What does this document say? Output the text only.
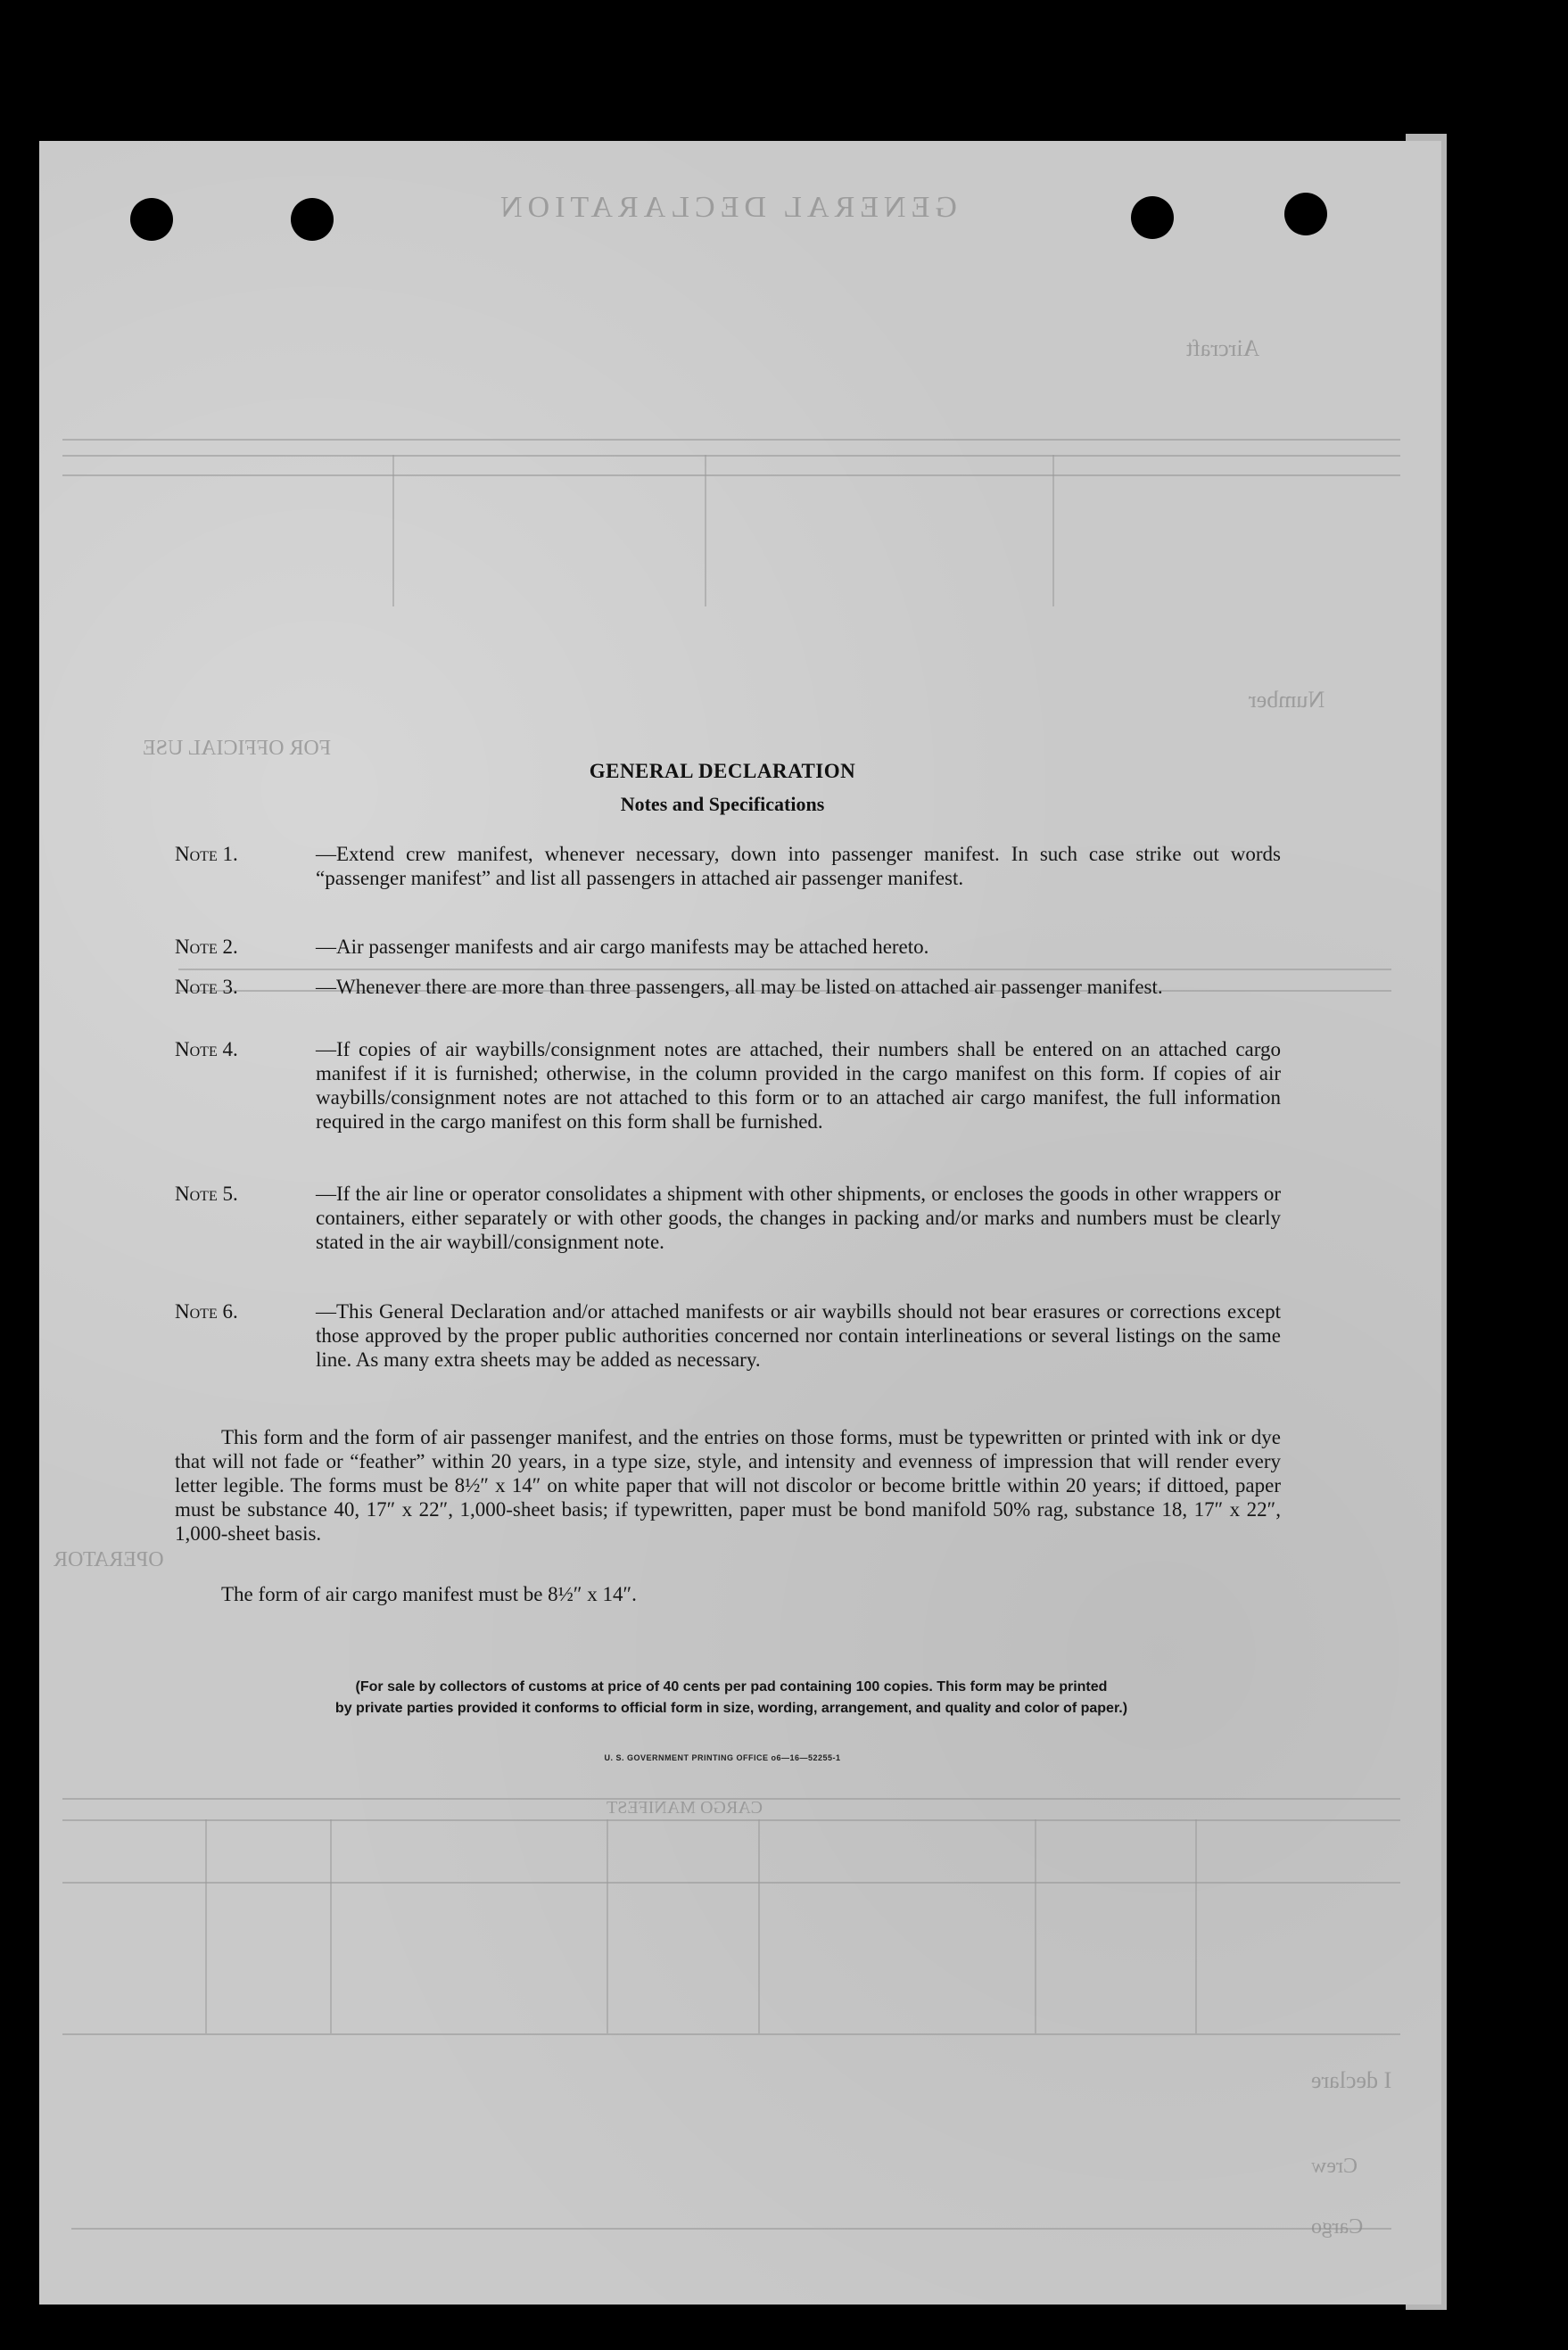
GENERAL DECLARATION
Aircraft
Number
FOR OFFICIAL USE
OPERATOR
CARGO MANIFEST
I declare
Crew
Cargo
GENERAL DECLARATION
Notes and Specifications
Note 1.	—Extend crew manifest, whenever necessary, down into passenger manifest. In such case strike out words “passenger manifest” and list all passengers in attached air passenger manifest.
Note 2.	—Air passenger manifests and air cargo manifests may be attached hereto.
Note 3.	—Whenever there are more than three passengers, all may be listed on attached air passenger manifest.
Note 4.	—If copies of air waybills/consignment notes are attached, their numbers shall be entered on an attached cargo manifest if it is furnished; otherwise, in the column provided in the cargo manifest on this form. If copies of air waybills/consignment notes are not attached to this form or to an attached air cargo manifest, the full information required in the cargo manifest on this form shall be furnished.
Note 5.	—If the air line or operator consolidates a shipment with other shipments, or encloses the goods in other wrappers or containers, either separately or with other goods, the changes in packing and/or marks and numbers must be clearly stated in the air waybill/consignment note.
Note 6.	—This General Declaration and/or attached manifests or air waybills should not bear erasures or corrections except those approved by the proper public authorities concerned nor contain interlineations or several listings on the same line. As many extra sheets may be added as necessary.
This form and the form of air passenger manifest, and the entries on those forms, must be typewritten or printed with ink or dye that will not fade or “feather” within 20 years, in a type size, style, and intensity and evenness of impression that will render every letter legible. The forms must be 8½″ x 14″ on white paper that will not discolor or become brittle within 20 years; if dittoed, paper must be substance 40, 17″ x 22″, 1,000-sheet basis; if typewritten, paper must be bond manifold 50% rag, substance 18, 17″ x 22″, 1,000-sheet basis.
The form of air cargo manifest must be 8½″ x 14″.
(For sale by collectors of customs at price of 40 cents per pad containing 100 copies. This form may be printed
by private parties provided it conforms to official form in size, wording, arrangement, and quality and color of paper.)
U. S. GOVERNMENT PRINTING OFFICE o6—16—52255-1
